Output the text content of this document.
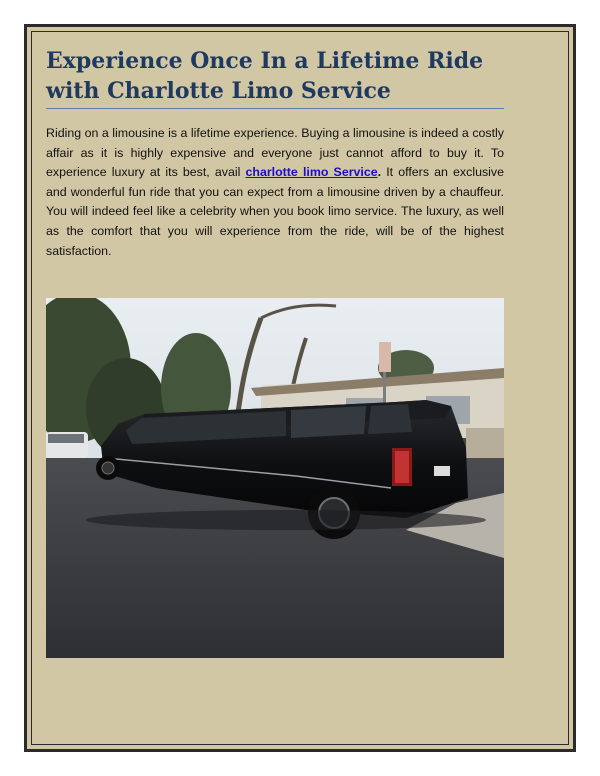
Experience Once In a Lifetime Ride
with Charlotte Limo Service

Riding on a limousine is a lifetime experience. Buying a limousine is indeed a costly affair as it is highly expensive and everyone just cannot afford to buy it. To experience luxury at its best, avail charlotte limo Service. It offers an exclusive and wonderful fun ride that you can expect from a limousine driven by a chauffeur. You will indeed feel like a celebrity when you book limo service. The luxury, as well as the comfort that you will experience from the ride, will be of the highest satisfaction.
